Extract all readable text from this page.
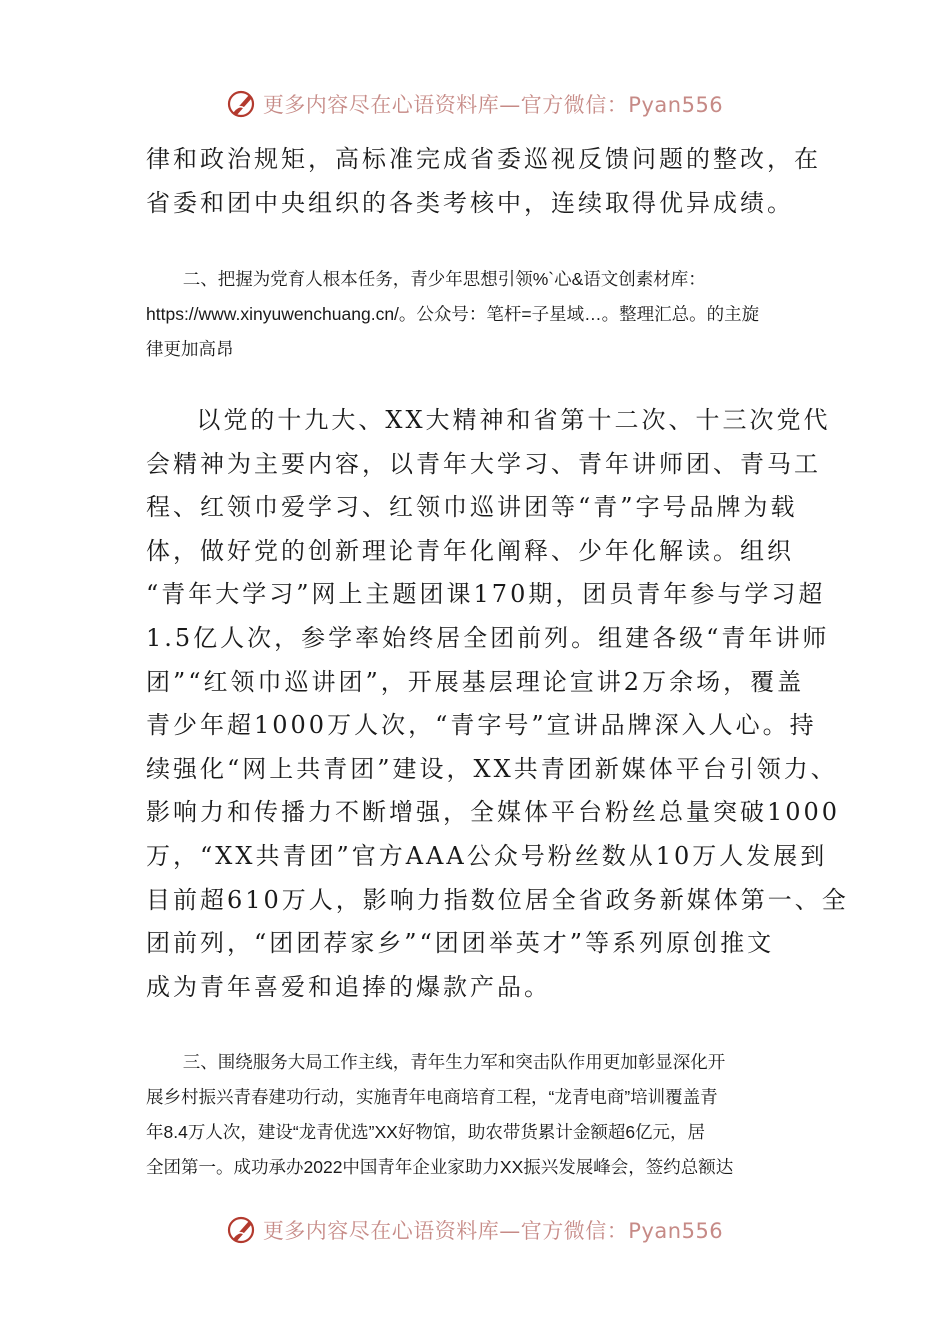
更多内容尽在心语资料库—官方微信：Pyan556
律和政治规矩，高标准完成省委巡视反馈问题的整改，在
省委和团中央组织的各类考核中，连续取得优异成绩。
二、把握为党育人根本任务，青少年思想引领%`心&语文创素材库：
https://www.xinyuwenchuang.cn/。公众号：笔杆=子星域…。整理汇总。的主旋
律更加高昂
以党的十九大、XX大精神和省第十二次、十三次党代
会精神为主要内容，以青年大学习、青年讲师团、青马工
程、红领巾爱学习、红领巾巡讲团等“青”字号品牌为载
体，做好党的创新理论青年化阐释、少年化解读。组织
“青年大学习”网上主题团课170期，团员青年参与学习超
1.5亿人次，参学率始终居全团前列。组建各级“青年讲师
团”“红领巾巡讲团”，开展基层理论宣讲2万余场，覆盖
青少年超1000万人次，“青字号”宣讲品牌深入人心。持
续强化“网上共青团”建设，XX共青团新媒体平台引领力、
影响力和传播力不断增强，全媒体平台粉丝总量突破1000
万，“XX共青团”官方AAA公众号粉丝数从10万人发展到
目前超610万人，影响力指数位居全省政务新媒体第一、全
团前列，“团团荐家乡”“团团举英才”等系列原创推文
成为青年喜爱和追捧的爆款产品。
三、围绕服务大局工作主线，青年生力军和突击队作用更加彰显深化开
展乡村振兴青春建功行动，实施青年电商培育工程，“龙青电商”培训覆盖青
年8.4万人次，建设“龙青优选”XX好物馆，助农带货累计金额超6亿元，居
全团第一。成功承办2022中国青年企业家助力XX振兴发展峰会，签约总额达
更多内容尽在心语资料库—官方微信：Pyan556
